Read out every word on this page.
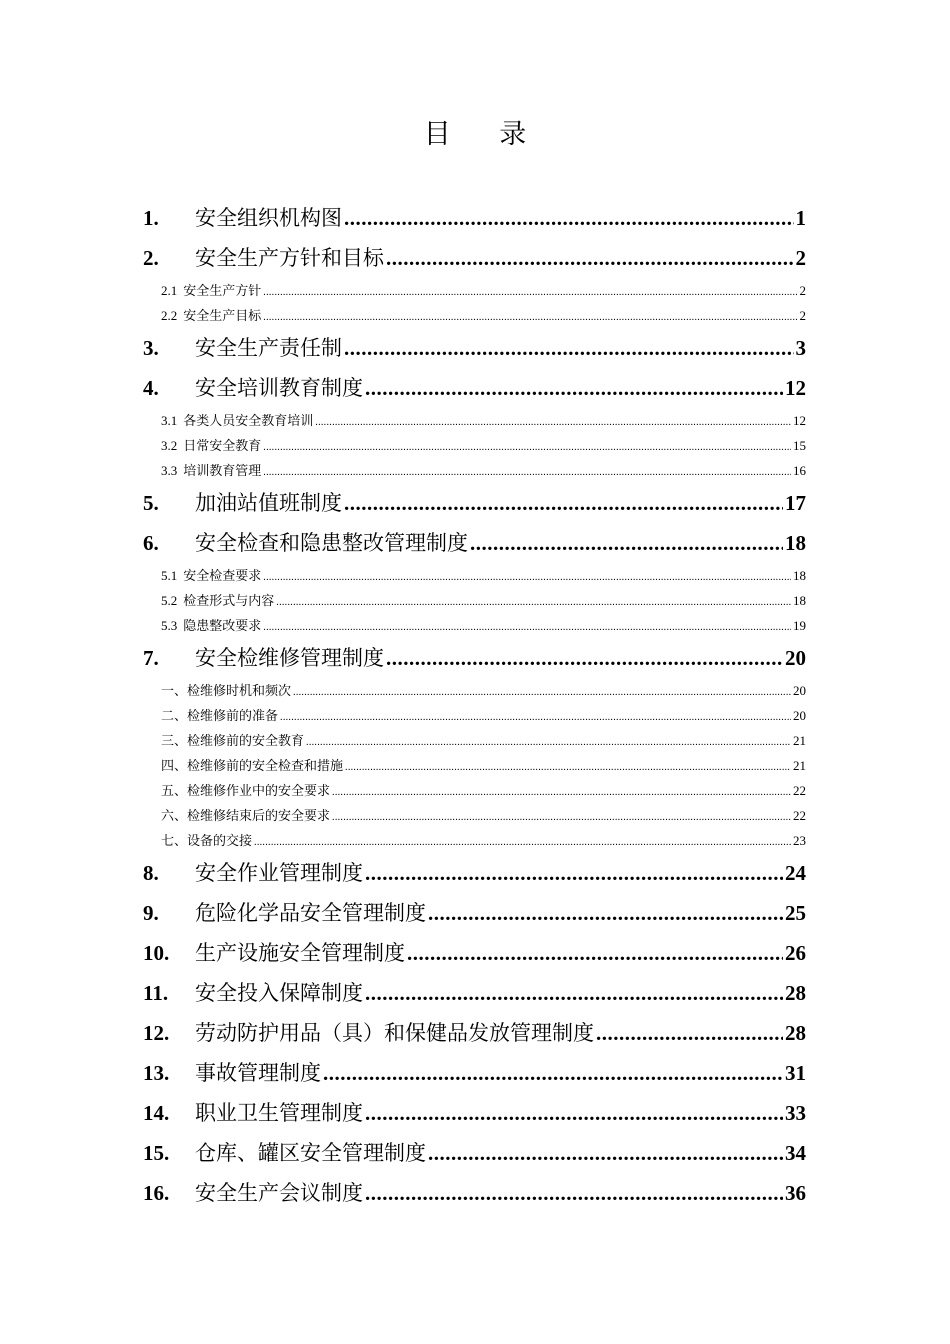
目 录
1.	安全组织机构图 .....	1
2.	安全生产方针和目标 .....	2
2.1 安全生产方针 .....	2
2.2 安全生产目标 .....	2
3.	安全生产责任制 .....	3
4.	安全培训教育制度 .....	12
3.1 各类人员安全教育培训 .....	12
3.2 日常安全教育 .....	15
3.3 培训教育管理 .....	16
5.	加油站值班制度 .....	17
6.	安全检查和隐患整改管理制度 .....	18
5.1 安全检查要求 .....	18
5.2 检查形式与内容 .....	18
5.3 隐患整改要求 .....	19
7.	安全检维修管理制度 .....	20
一、检维修时机和频次 .....	20
二、检维修前的准备 .....	20
三、检维修前的安全教育 .....	21
四、检维修前的安全检查和措施 .....	21
五、检维修作业中的安全要求 .....	22
六、检维修结束后的安全要求 .....	22
七、设备的交接 .....	23
8.	安全作业管理制度 .....	24
9.	危险化学品安全管理制度 .....	25
10.	生产设施安全管理制度 .....	26
11.	安全投入保障制度 .....	28
12.	劳动防护用品（具）和保健品发放管理制度 .....	28
13.	事故管理制度 .....	31
14.	职业卫生管理制度 .....	33
15.	仓库、罐区安全管理制度 .....	34
16.	安全生产会议制度 .....	36
